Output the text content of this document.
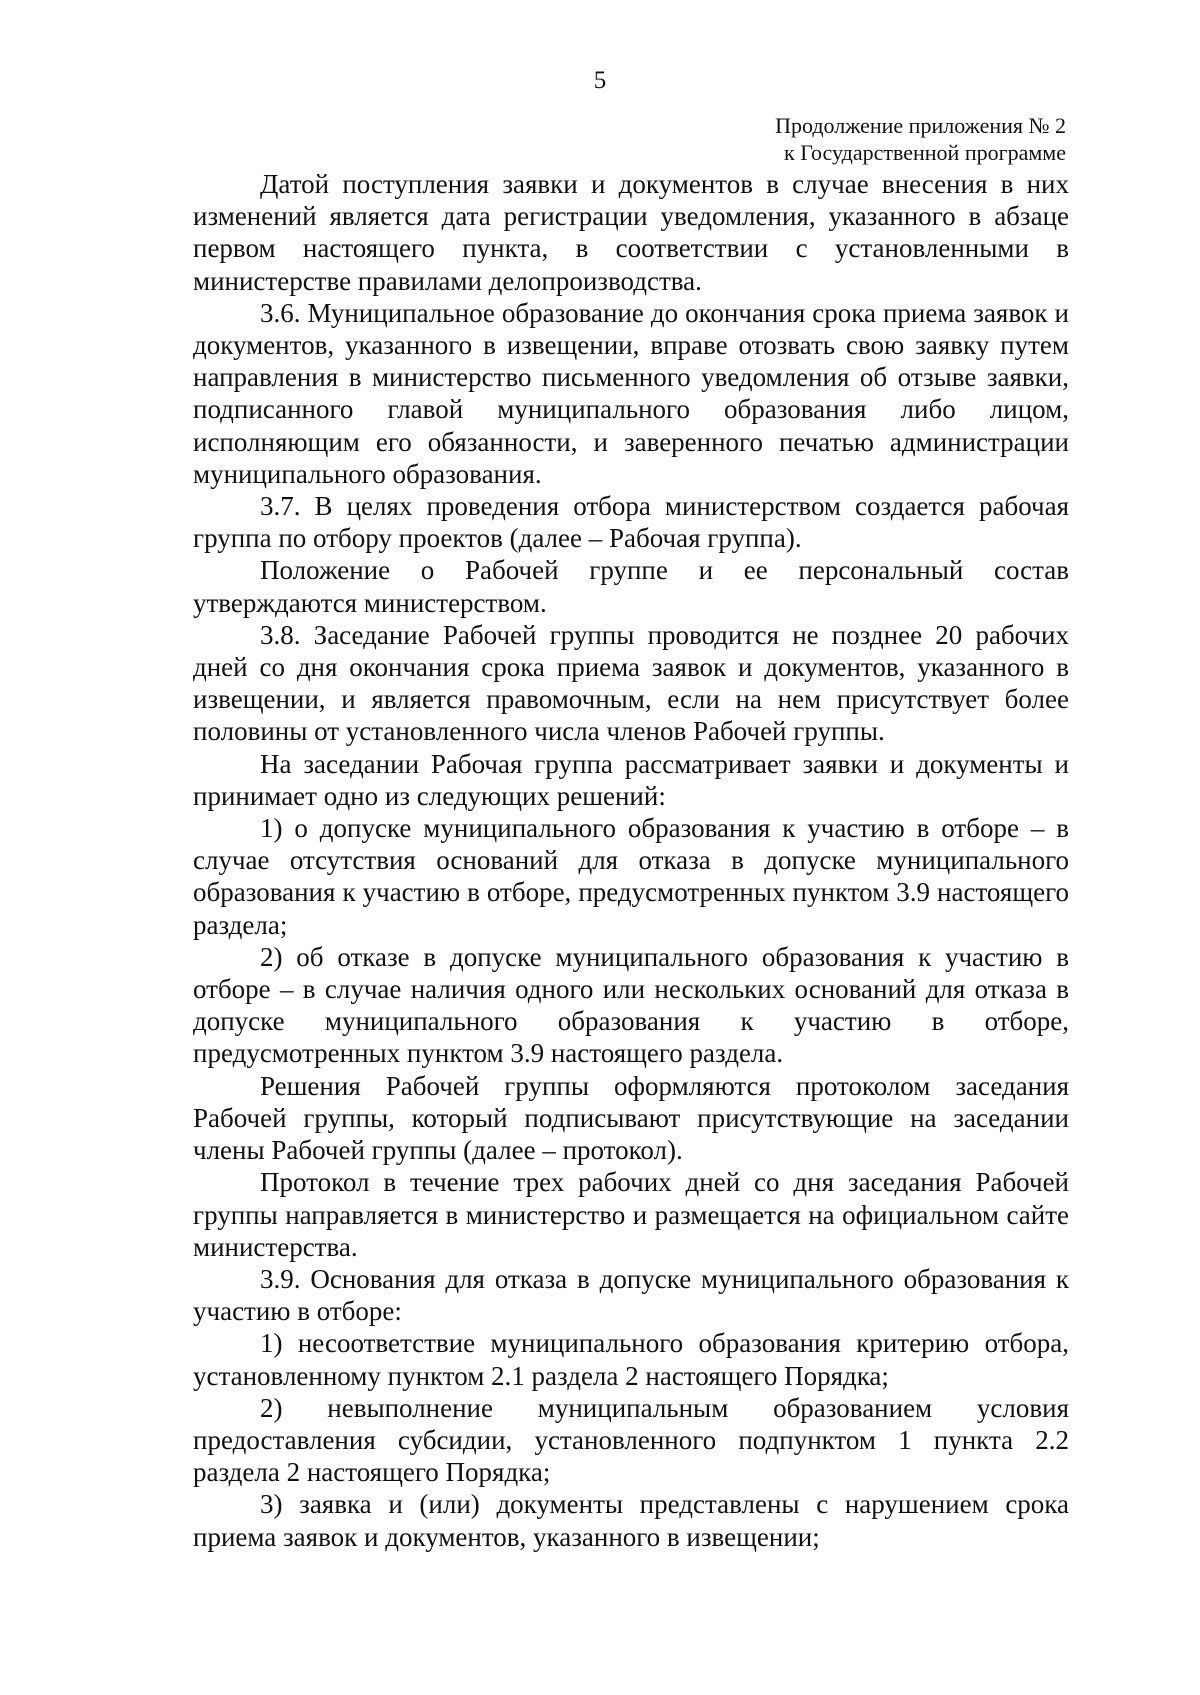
5
Продолжение приложения № 2
к Государственной программе

Датой поступления заявки и документов в случае внесения в них изменений является дата регистрации уведомления, указанного в абзаце первом настоящего пункта, в соответствии с установленными в министерстве правилами делопроизводства.

3.6. Муниципальное образование до окончания срока приема заявок и документов, указанного в извещении, вправе отозвать свою заявку путем направления в министерство письменного уведомления об отзыве заявки, подписанного главой муниципального образования либо лицом, исполняющим его обязанности, и заверенного печатью администрации муниципального образования.

3.7. В целях проведения отбора министерством создается рабочая группа по отбору проектов (далее – Рабочая группа).

Положение о Рабочей группе и ее персональный состав утверждаются министерством.

3.8. Заседание Рабочей группы проводится не позднее 20 рабочих дней со дня окончания срока приема заявок и документов, указанного в извещении, и является правомочным, если на нем присутствует более половины от установленного числа членов Рабочей группы.

На заседании Рабочая группа рассматривает заявки и документы и принимает одно из следующих решений:

1) о допуске муниципального образования к участию в отборе – в случае отсутствия оснований для отказа в допуске муниципального образования к участию в отборе, предусмотренных пунктом 3.9 настоящего раздела;

2) об отказе в допуске муниципального образования к участию в отборе – в случае наличия одного или нескольких оснований для отказа в допуске муниципального образования к участию в отборе, предусмотренных пунктом 3.9 настоящего раздела.

Решения Рабочей группы оформляются протоколом заседания Рабочей группы, который подписывают присутствующие на заседании члены Рабочей группы (далее – протокол).

Протокол в течение трех рабочих дней со дня заседания Рабочей группы направляется в министерство и размещается на официальном сайте министерства.

3.9. Основания для отказа в допуске муниципального образования к участию в отборе:

1) несоответствие муниципального образования критерию отбора, установленному пунктом 2.1 раздела 2 настоящего Порядка;

2) невыполнение муниципальным образованием условия предоставления субсидии, установленного подпунктом 1 пункта 2.2 раздела 2 настоящего Порядка;

3) заявка и (или) документы представлены с нарушением срока приема заявок и документов, указанного в извещении;
